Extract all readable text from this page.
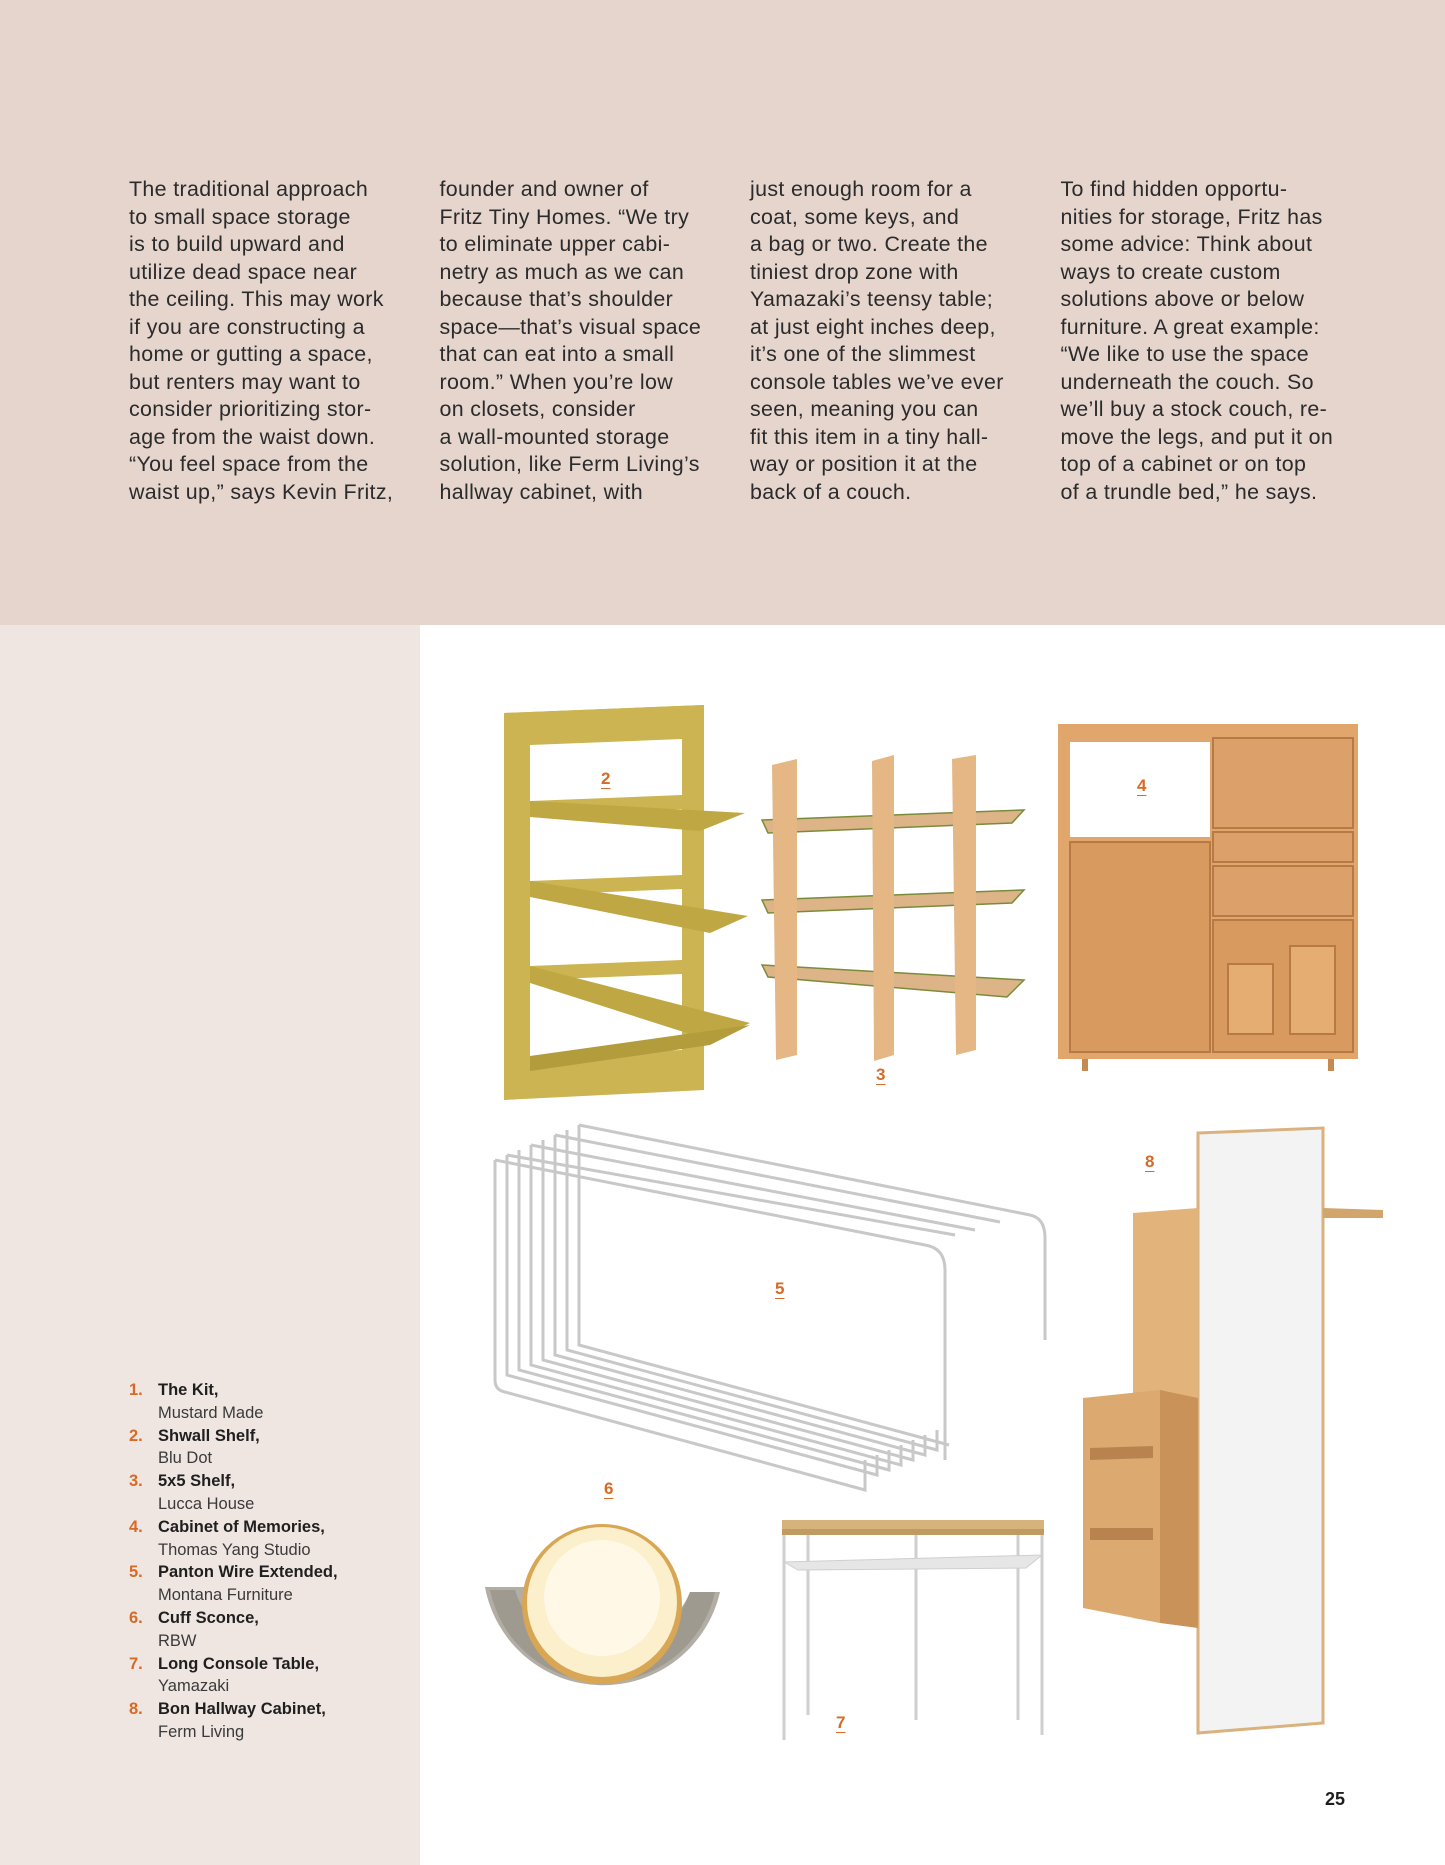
The traditional approach
to small space storage
is to build upward and
utilize dead space near
the ceiling. This may work
if you are constructing a
home or gutting a space,
but renters may want to
consider prioritizing stor-
age from the waist down.
“You feel space from the
waist up,” says Kevin Fritz,
founder and owner of
Fritz Tiny Homes. “We try
to eliminate upper cabi-
netry as much as we can
because that’s shoulder
space—that’s visual space
that can eat into a small
room.” When you’re low
on closets, consider
a wall-mounted storage
solution, like Ferm Living’s
hallway cabinet, with
just enough room for a
coat, some keys, and
a bag or two. Create the
tiniest drop zone with
Yamazaki’s teensy table;
at just eight inches deep,
it’s one of the slimmest
console tables we’ve ever
seen, meaning you can
fit this item in a tiny hall-
way or position it at the
back of a couch.
To find hidden opportu-
nities for storage, Fritz has
some advice: Think about
ways to create custom
solutions above or below
furniture. A great example:
“We like to use the space
underneath the couch. So
we’ll buy a stock couch, re-
move the legs, and put it on
top of a cabinet or on top
of a trundle bed,” he says.
2
3
4
5
6
7
8
1. The Kit,
Mustard Made
2. Shwall Shelf,
Blu Dot
3. 5x5 Shelf,
Lucca House
4. Cabinet of Memories,
Thomas Yang Studio
5. Panton Wire Extended,
Montana Furniture
6. Cuff Sconce,
RBW
7. Long Console Table,
Yamazaki
8. Bon Hallway Cabinet,
Ferm Living
25
